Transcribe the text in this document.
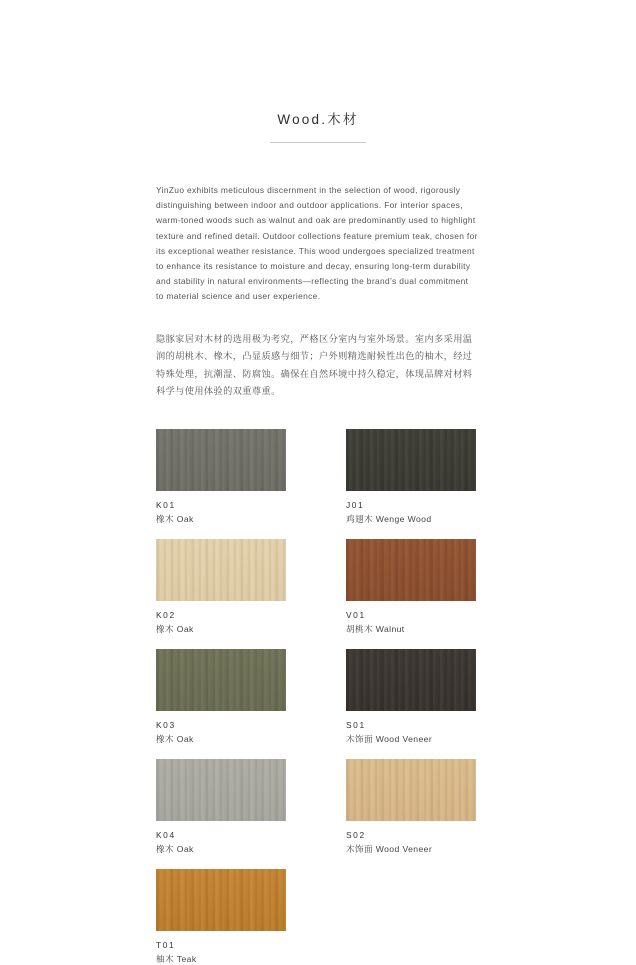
Wood.木材

YinZuo exhibits meticulous discernment in the selection of wood, rigorously distinguishing between indoor and outdoor applications. For interior spaces, warm-toned woods such as walnut and oak are predominantly used to highlight texture and refined detail. Outdoor collections feature premium teak, chosen for its exceptional weather resistance. This wood undergoes specialized treatment to enhance its resistance to moisture and decay, ensuring long-term durability and stability in natural environments—reflecting the brand’s dual commitment to material science and user experience.

隐豚家居对木材的选用极为考究，严格区分室内与室外场景。室内多采用温润的胡桃木、橡木，凸显质感与细节；户外则精选耐候性出色的柚木，经过特殊处理，抗潮湿、防腐蚀。确保在自然环境中持久稳定，体现品牌对材料科学与使用体验的双重尊重。

K01
橡木 Oak
J01
鸡翅木 Wenge Wood
K02
橡木 Oak
V01
胡桃木 Walnut
K03
橡木 Oak
S01
木饰面 Wood Veneer
K04
橡木 Oak
S02
木饰面 Wood Veneer
T01
柚木 Teak
